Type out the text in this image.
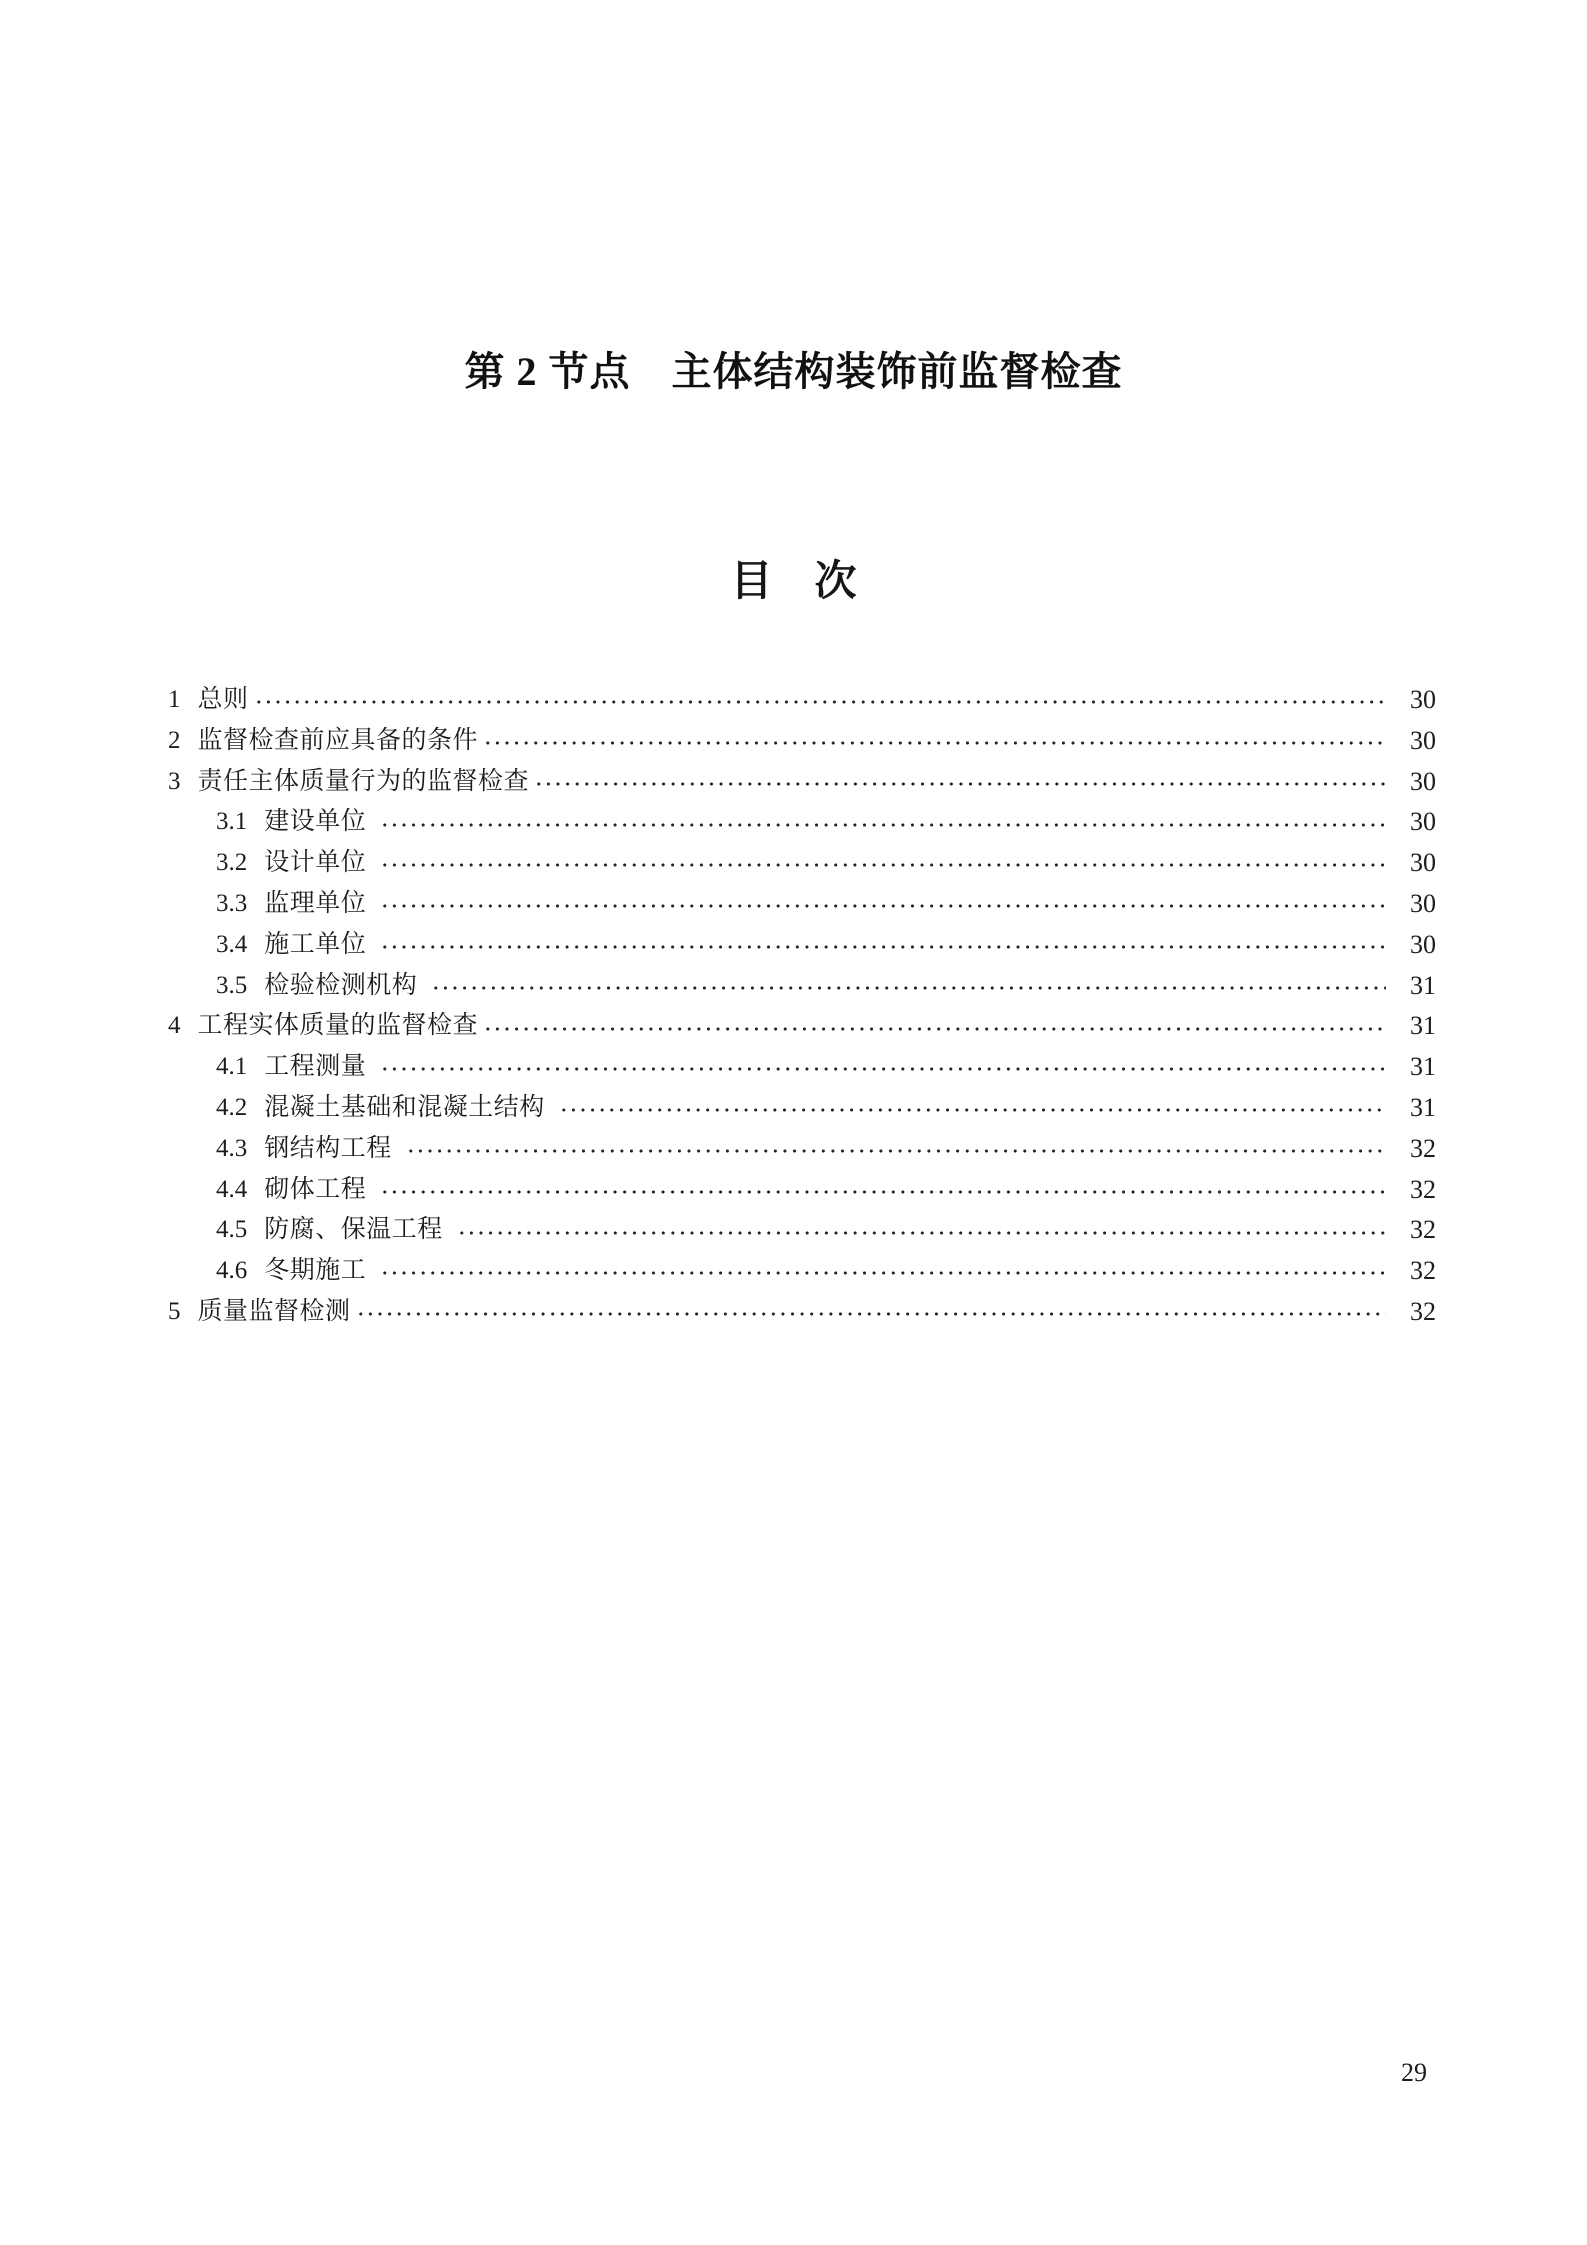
第 2 节点　主体结构装饰前监督检查
目　次
1 总则	30
2 监督检查前应具备的条件	30
3 责任主体质量行为的监督检查	30
3.1 建设单位	30
3.2 设计单位	30
3.3 监理单位	30
3.4 施工单位	30
3.5 检验检测机构	31
4 工程实体质量的监督检查	31
4.1 工程测量	31
4.2 混凝土基础和混凝土结构	31
4.3 钢结构工程	32
4.4 砌体工程	32
4.5 防腐、保温工程	32
4.6 冬期施工	32
5 质量监督检测	32
29
